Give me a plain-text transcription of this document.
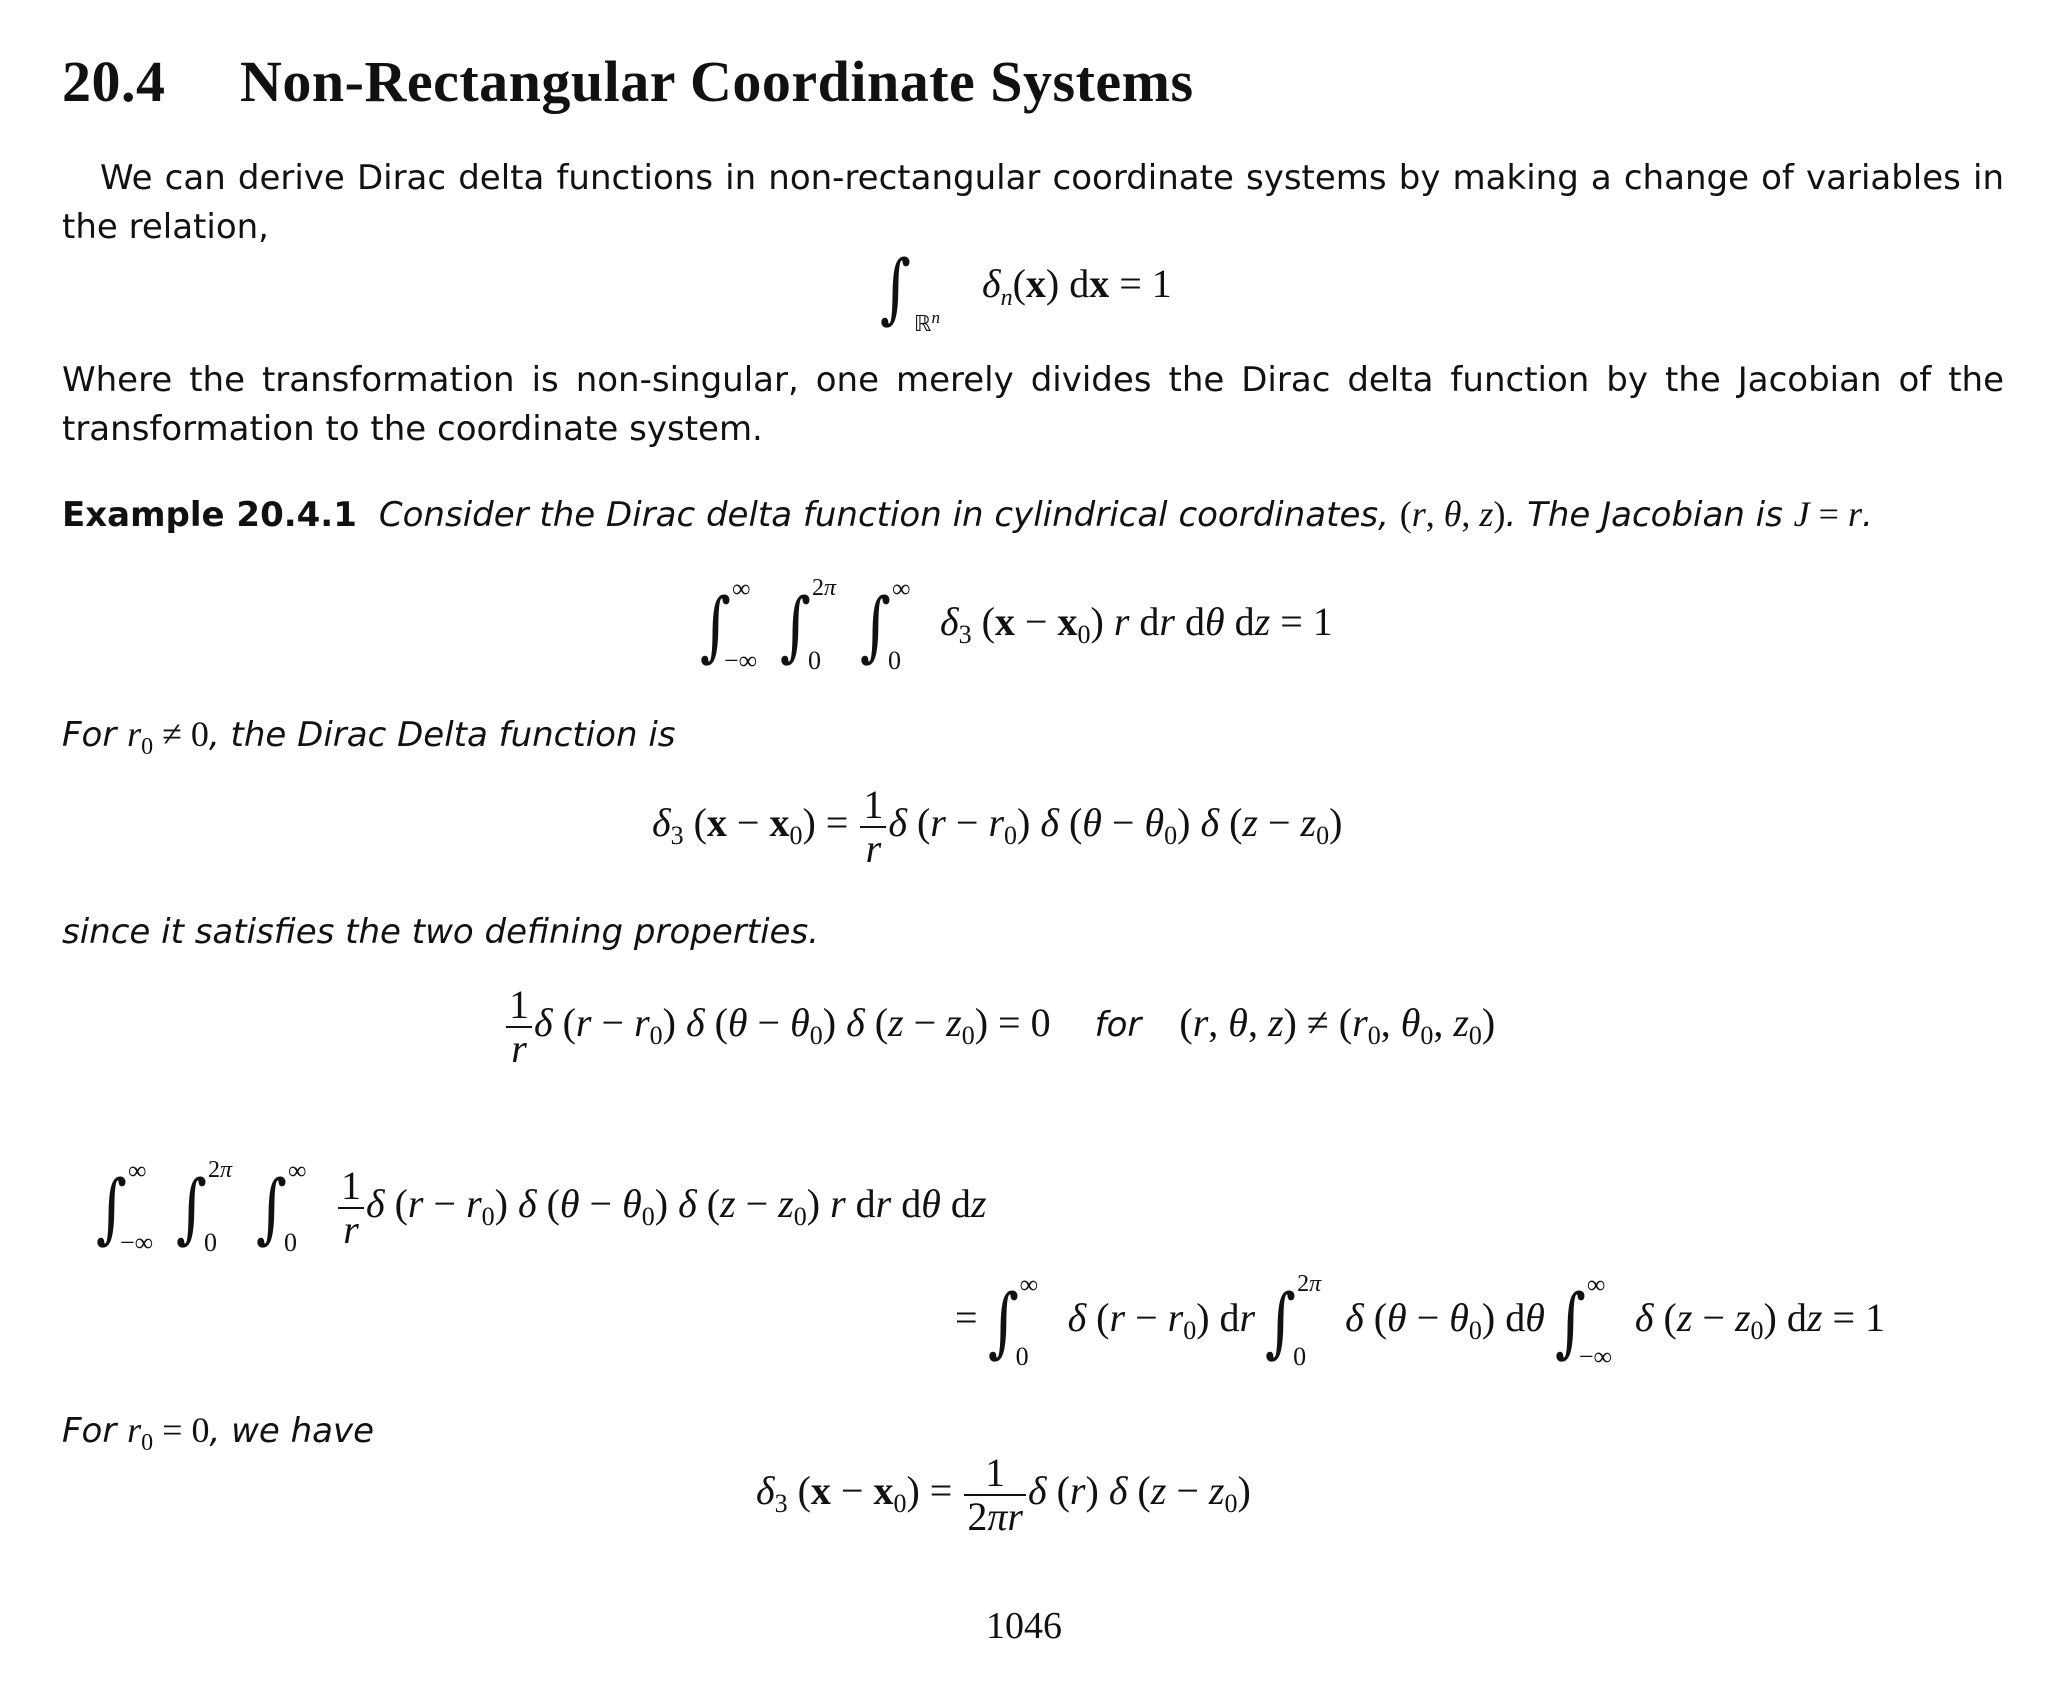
20.4 Non-Rectangular Coordinate Systems
We can derive Dirac delta functions in non-rectangular coordinate systems by making a change of variables in the relation,
∫ ℝ$^n$
$\delta_n(x)$ dx = 1
Where the transformation is non-singular, one merely divides the Dirac delta function by the Jacobian of the transformation to the coordinate system.
Example 20.4.1 Consider the Dirac delta function in cylindrical coordinates, (r, θ, z). The Jacobian is J = r.
∫ ∞
−∞ ∫ 2π
0 ∫ ∞
0
$\delta_3$ $(x - x_0)$ r dr dθ dz = 1
For $r_0 \ne 0$, the Dirac Delta function is
$\delta_3$ $(x - x_0) = \frac{1}{r}$ δ $(r - r_0)$ δ $(\theta - \theta_0)$ δ $(z - z_0)$
since it satisfies the two defining properties.
$\frac{1}{r}$ δ $(r - r_0)$ δ $(\theta - \theta_0)$ δ $(z - z_0) = 0$ for (r, θ, $z) \ne (r_0$, $\theta_0$, $z_0$)
∫ ∞
−∞ ∫ 2π
0 ∫ ∞
$0 \frac{1}{r}$ δ $(r - r_0)$ δ $(\theta - \theta_0)$ δ $(z - z_0)$ r dr dθ dz
= ∫ ∞
0
δ $(r - r_0)$ dr ∫ 2π
0
δ $(\theta - \theta_0)$ dθ ∫ ∞
−∞
δ $(z - z_0)$ dz = 1
For $r_0 = 0$, we have
$\delta_3$ $(x - x_0) = \frac{1}{2\pi r}$ δ (r) δ $(z - z_0)$
1046
